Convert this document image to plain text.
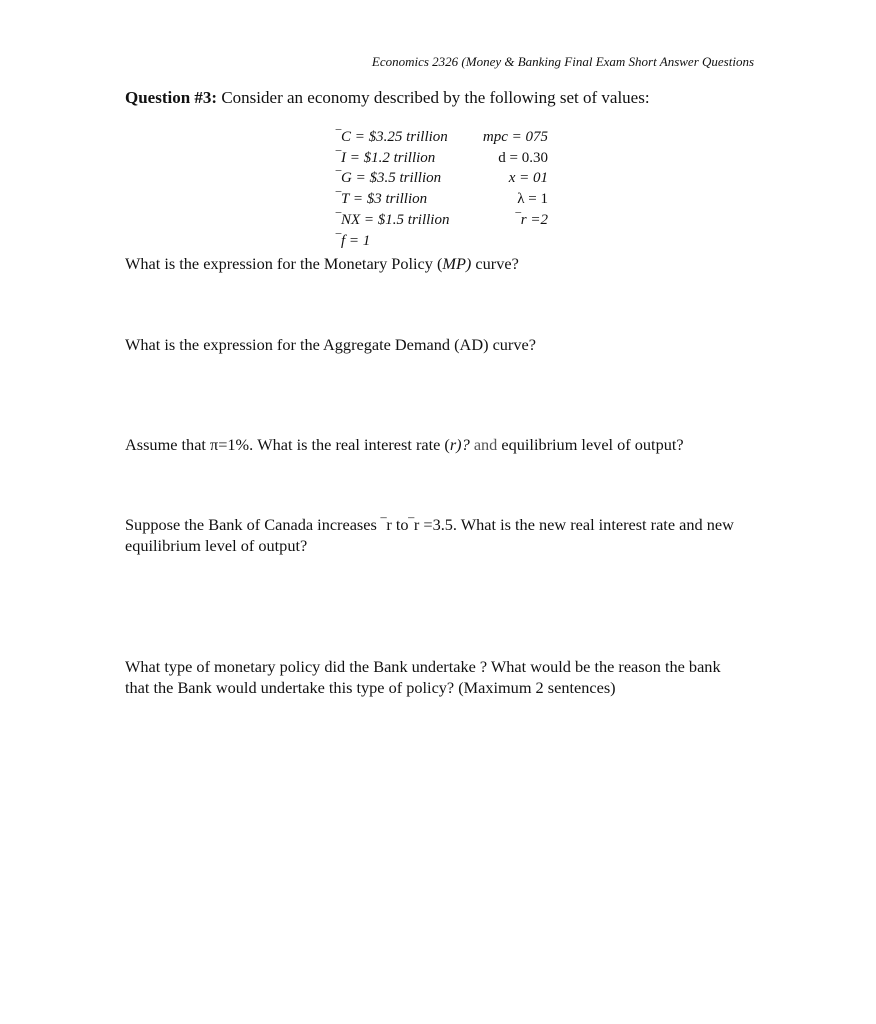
Economics 2326 (Money & Banking Final Exam Short Answer Questions
Question #3: Consider an economy described by the following set of values:
‾C = $3.25 trillion
‾I = $1.2 trillion
‾G = $3.5 trillion
‾T = $3 trillion
‾NX = $1.5 trillion
‾f = 1
mpc = 075
d = 0.30
x = 01
λ = 1
‾r =2
What is the expression for the Monetary Policy (MP) curve?
What is the expression for the Aggregate Demand (AD) curve?
Assume that π=1%. What is the real interest rate (r)? and equilibrium level of output?
Suppose the Bank of Canada increases ‾r to‾r =3.5. What is the new real interest rate and new equilibrium level of output?
What type of monetary policy did the Bank undertake ? What would be the reason the bank that the Bank would undertake this type of policy? (Maximum 2 sentences)
